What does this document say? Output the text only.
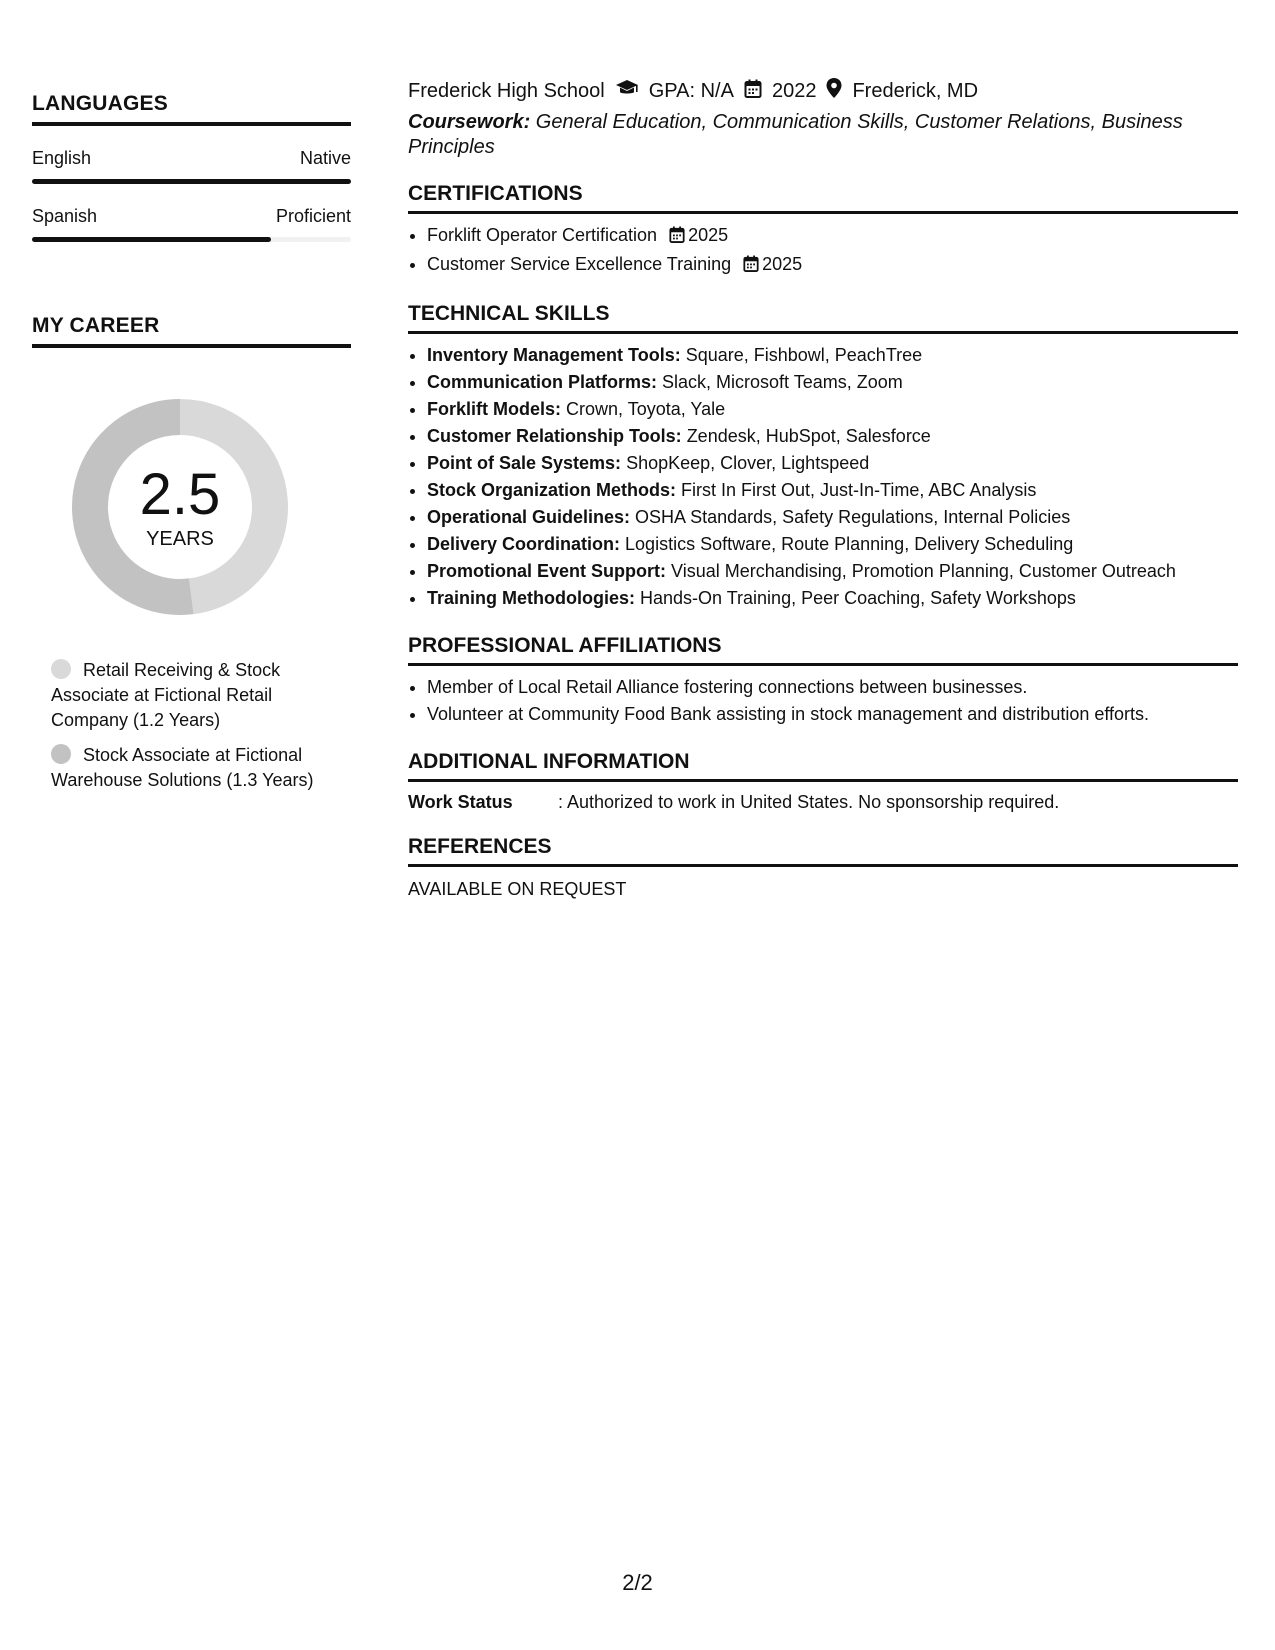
LANGUAGES
English	Native
Spanish	Proficient
MY CAREER
2.5
YEARS
Retail Receiving & Stock Associate at Fictional Retail Company (1.2 Years)
Stock Associate at Fictional Warehouse Solutions (1.3 Years)
Frederick High School GPA: N/A 2022 Frederick, MD
Coursework: General Education, Communication Skills, Customer Relations, Business Principles
CERTIFICATIONS
• Forklift Operator Certification 2025
• Customer Service Excellence Training 2025
TECHNICAL SKILLS
• Inventory Management Tools: Square, Fishbowl, PeachTree
• Communication Platforms: Slack, Microsoft Teams, Zoom
• Forklift Models: Crown, Toyota, Yale
• Customer Relationship Tools: Zendesk, HubSpot, Salesforce
• Point of Sale Systems: ShopKeep, Clover, Lightspeed
• Stock Organization Methods: First In First Out, Just-In-Time, ABC Analysis
• Operational Guidelines: OSHA Standards, Safety Regulations, Internal Policies
• Delivery Coordination: Logistics Software, Route Planning, Delivery Scheduling
• Promotional Event Support: Visual Merchandising, Promotion Planning, Customer Outreach
• Training Methodologies: Hands-On Training, Peer Coaching, Safety Workshops
PROFESSIONAL AFFILIATIONS
• Member of Local Retail Alliance fostering connections between businesses.
• Volunteer at Community Food Bank assisting in stock management and distribution efforts.
ADDITIONAL INFORMATION
Work Status	: Authorized to work in United States. No sponsorship required.
REFERENCES
AVAILABLE ON REQUEST
2/2
